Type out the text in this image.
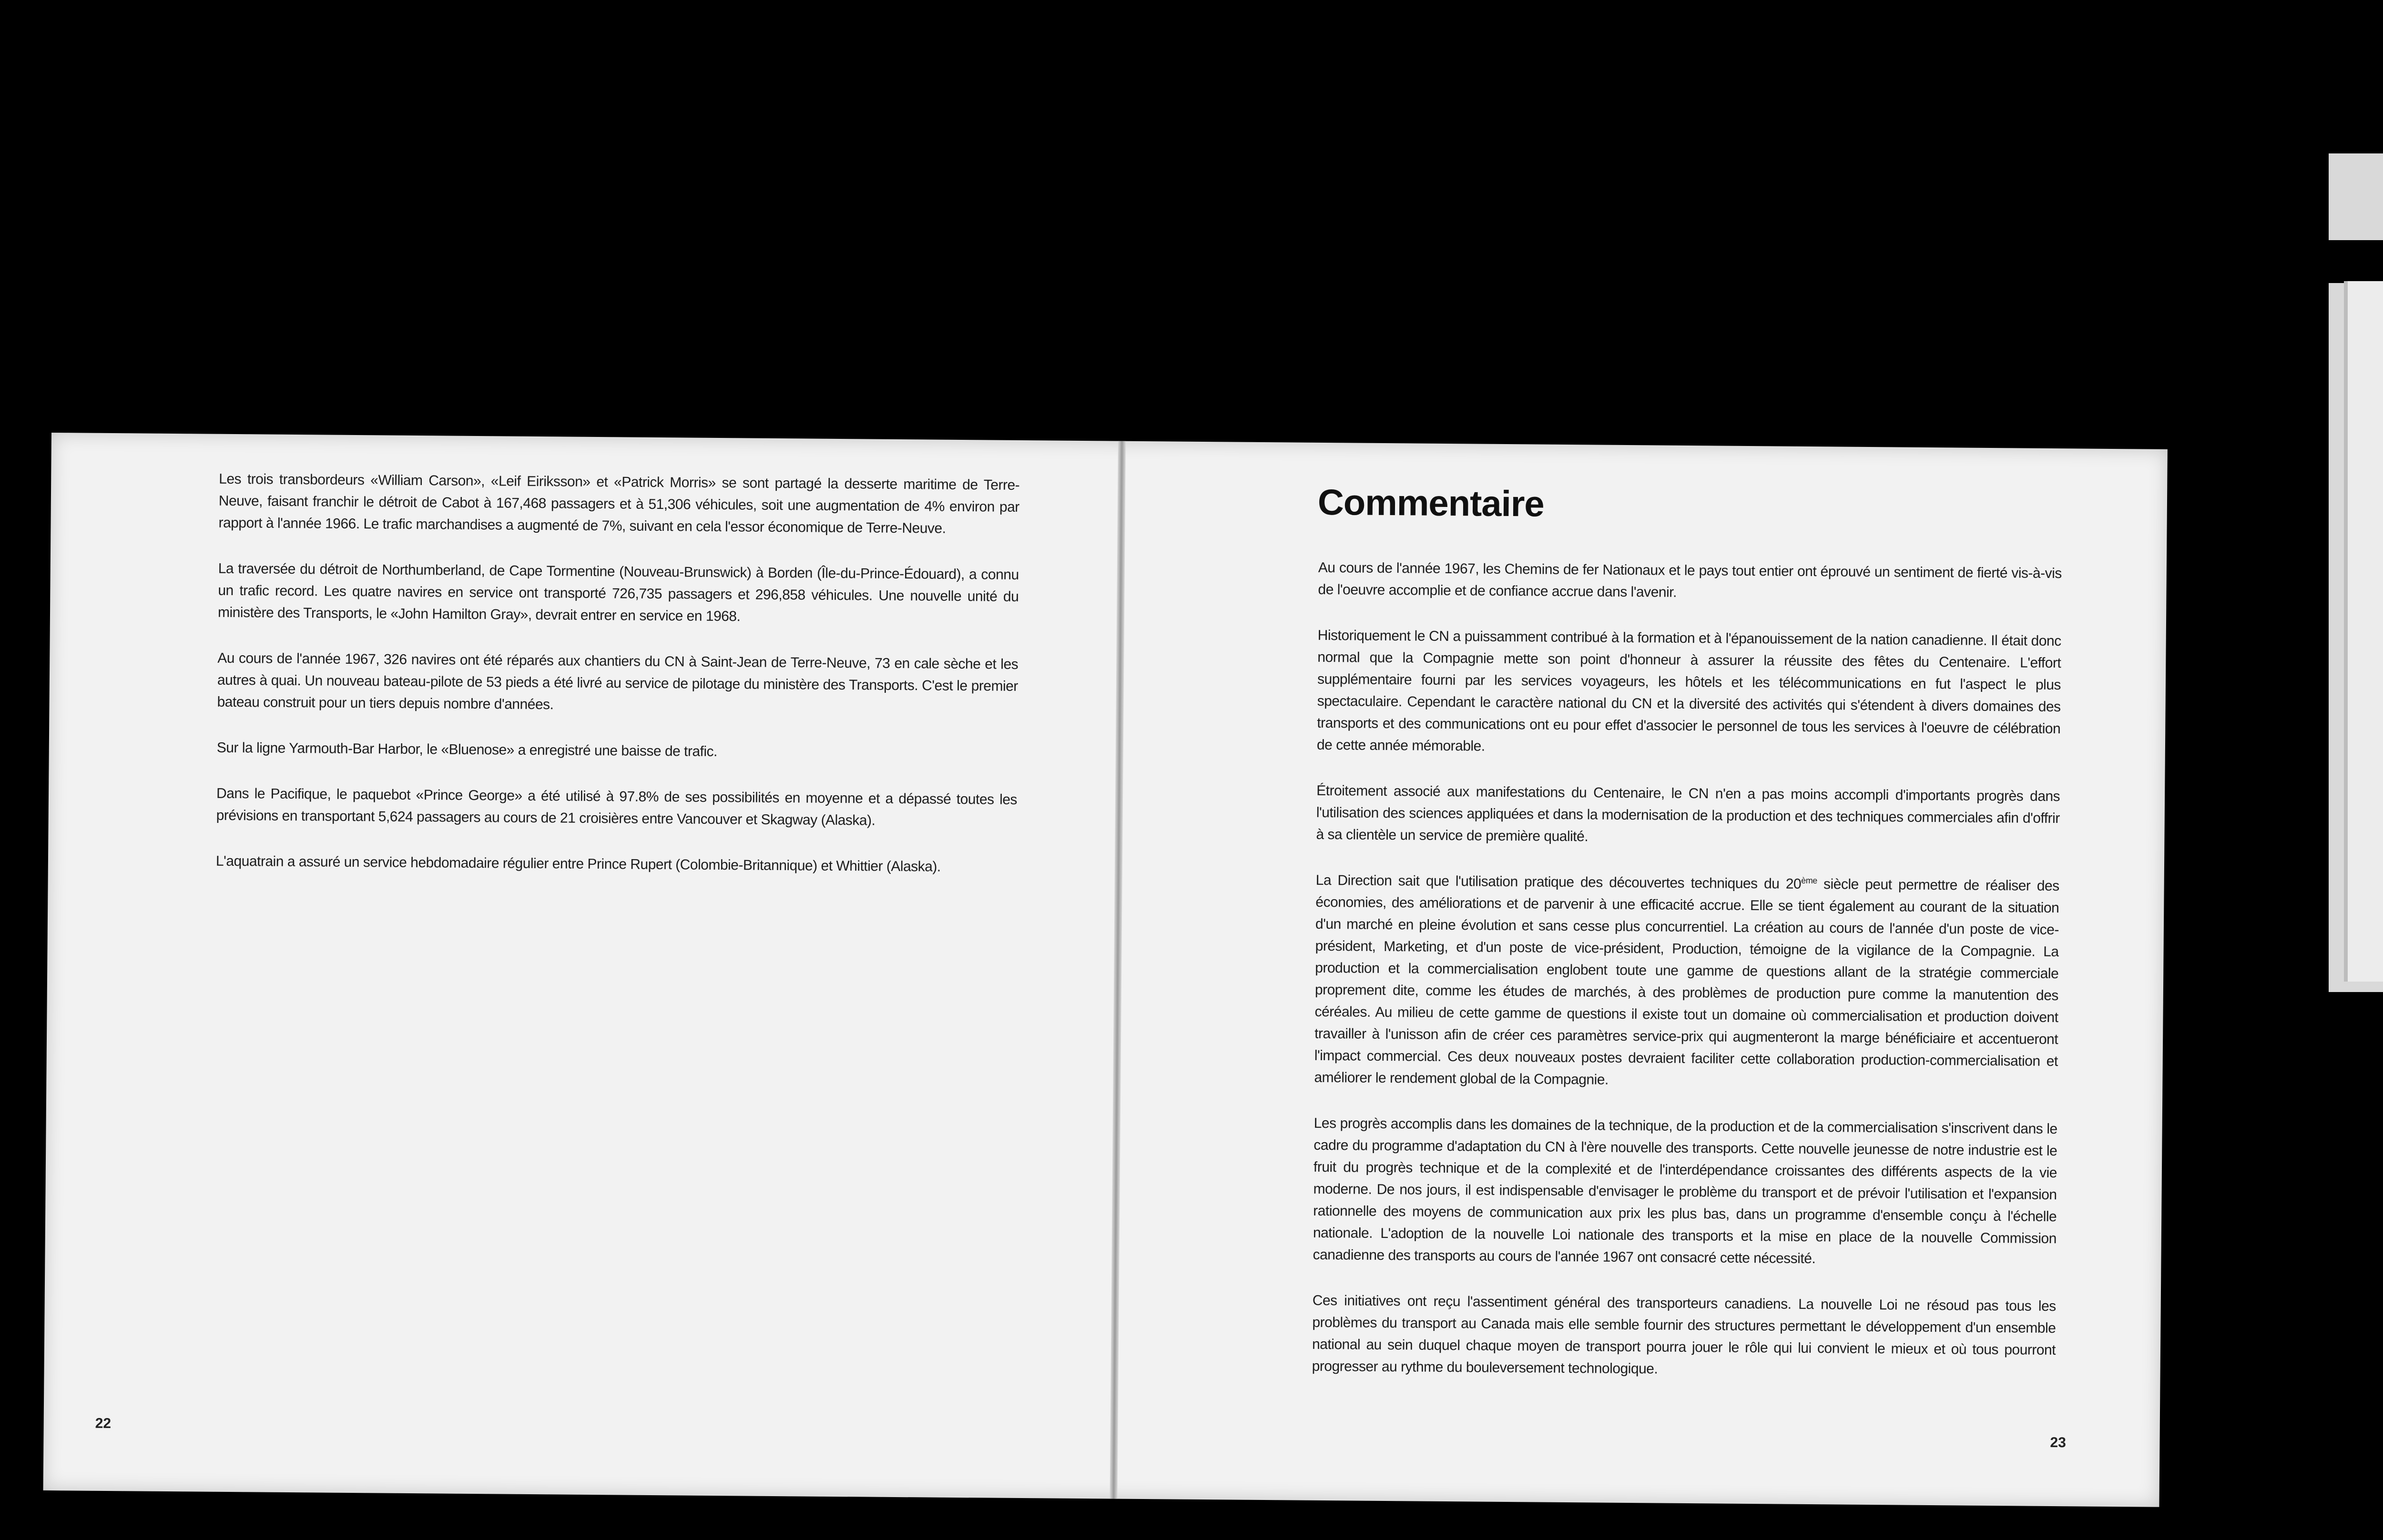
Les trois transbordeurs «William Carson», «Leif Eiriksson» et «Patrick Morris» se sont partagé la desserte maritime de Terre-Neuve, faisant franchir le détroit de Cabot à 167,468 passagers et à 51,306 véhicules, soit une augmentation de 4% environ par rapport à l'année 1966. Le trafic marchandises a augmenté de 7%, suivant en cela l'essor économique de Terre-Neuve.

La traversée du détroit de Northumberland, de Cape Tormentine (Nouveau-Brunswick) à Borden (Île-du-Prince-Édouard), a connu un trafic record. Les quatre navires en service ont transporté 726,735 passagers et 296,858 véhicules. Une nouvelle unité du ministère des Transports, le «John Hamilton Gray», devrait entrer en service en 1968.

Au cours de l'année 1967, 326 navires ont été réparés aux chantiers du CN à Saint-Jean de Terre-Neuve, 73 en cale sèche et les autres à quai. Un nouveau bateau-pilote de 53 pieds a été livré au service de pilotage du ministère des Transports. C'est le premier bateau construit pour un tiers depuis nombre d'années.

Sur la ligne Yarmouth-Bar Harbor, le «Bluenose» a enregistré une baisse de trafic.

Dans le Pacifique, le paquebot «Prince George» a été utilisé à 97.8% de ses possibilités en moyenne et a dépassé toutes les prévisions en transportant 5,624 passagers au cours de 21 croisières entre Vancouver et Skagway (Alaska).

L'aquatrain a assuré un service hebdomadaire régulier entre Prince Rupert (Colombie-Britannique) et Whittier (Alaska).

22
Commentaire

Au cours de l'année 1967, les Chemins de fer Nationaux et le pays tout entier ont éprouvé un sentiment de fierté vis-à-vis de l'oeuvre accomplie et de confiance accrue dans l'avenir.

Historiquement le CN a puissamment contribué à la formation et à l'épanouissement de la nation canadienne. Il était donc normal que la Compagnie mette son point d'honneur à assurer la réussite des fêtes du Centenaire. L'effort supplémentaire fourni par les services voyageurs, les hôtels et les télécommunications en fut l'aspect le plus spectaculaire. Cependant le caractère national du CN et la diversité des activités qui s'étendent à divers domaines des transports et des communications ont eu pour effet d'associer le personnel de tous les services à l'oeuvre de célébration de cette année mémorable.

Étroitement associé aux manifestations du Centenaire, le CN n'en a pas moins accompli d'importants progrès dans l'utilisation des sciences appliquées et dans la modernisation de la production et des techniques commerciales afin d'offrir à sa clientèle un service de première qualité.

La Direction sait que l'utilisation pratique des découvertes techniques du 20ème siècle peut permettre de réaliser des économies, des améliorations et de parvenir à une efficacité accrue. Elle se tient également au courant de la situation d'un marché en pleine évolution et sans cesse plus concurrentiel. La création au cours de l'année d'un poste de vice-président, Marketing, et d'un poste de vice-président, Production, témoigne de la vigilance de la Compagnie. La production et la commercialisation englobent toute une gamme de questions allant de la stratégie commerciale proprement dite, comme les études de marchés, à des problèmes de production pure comme la manutention des céréales. Au milieu de cette gamme de questions il existe tout un domaine où commercialisation et production doivent travailler à l'unisson afin de créer ces paramètres service-prix qui augmenteront la marge bénéficiaire et accentueront l'impact commercial. Ces deux nouveaux postes devraient faciliter cette collaboration production-commercialisation et améliorer le rendement global de la Compagnie.

Les progrès accomplis dans les domaines de la technique, de la production et de la commercialisation s'inscrivent dans le cadre du programme d'adaptation du CN à l'ère nouvelle des transports. Cette nouvelle jeunesse de notre industrie est le fruit du progrès technique et de la complexité et de l'interdépendance croissantes des différents aspects de la vie moderne. De nos jours, il est indispensable d'envisager le problème du transport et de prévoir l'utilisation et l'expansion rationnelle des moyens de communication aux prix les plus bas, dans un programme d'ensemble conçu à l'échelle nationale. L'adoption de la nouvelle Loi nationale des transports et la mise en place de la nouvelle Commission canadienne des transports au cours de l'année 1967 ont consacré cette nécessité.

Ces initiatives ont reçu l'assentiment général des transporteurs canadiens. La nouvelle Loi ne résoud pas tous les problèmes du transport au Canada mais elle semble fournir des structures permettant le développement d'un ensemble national au sein duquel chaque moyen de transport pourra jouer le rôle qui lui convient le mieux et où tous pourront progresser au rythme du bouleversement technologique.

23
